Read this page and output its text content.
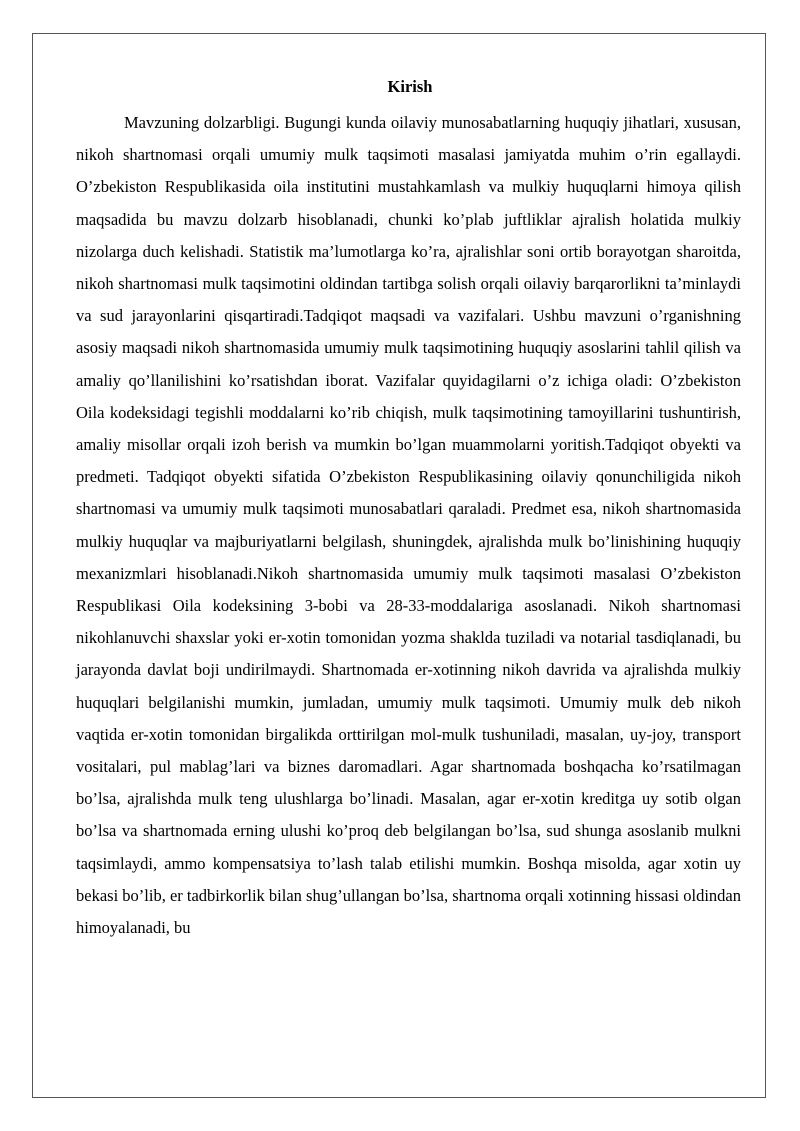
Kirish

Mavzuning dolzarbligi. Bugungi kunda oilaviy munosabatlarning huquqiy jihatlari, xususan, nikoh shartnomasi orqali umumiy mulk taqsimoti masalasi jamiyatda muhim o’rin egallaydi. O’zbekiston Respublikasida oila institutini mustahkamlash va mulkiy huquqlarni himoya qilish maqsadida bu mavzu dolzarb hisoblanadi, chunki ko’plab juftliklar ajralish holatida mulkiy nizolarga duch kelishadi. Statistik ma’lumotlarga ko’ra, ajralishlar soni ortib borayotgan sharoitda, nikoh shartnomasi mulk taqsimotini oldindan tartibga solish orqali oilaviy barqarorlikni ta’minlaydi va sud jarayonlarini qisqartiradi.Tadqiqot maqsadi va vazifalari. Ushbu mavzuni o’rganishning asosiy maqsadi nikoh shartnomasida umumiy mulk taqsimotining huquqiy asoslarini tahlil qilish va amaliy qo’llanilishini ko’rsatishdan iborat. Vazifalar quyidagilarni o’z ichiga oladi: O’zbekiston Oila kodeksidagi tegishli moddalarni ko’rib chiqish, mulk taqsimotining tamoyillarini tushuntirish, amaliy misollar orqali izoh berish va mumkin bo’lgan muammolarni yoritish.Tadqiqot obyekti va predmeti. Tadqiqot obyekti sifatida O’zbekiston Respublikasining oilaviy qonunchiligida nikoh shartnomasi va umumiy mulk taqsimoti munosabatlari qaraladi. Predmet esa, nikoh shartnomasida mulkiy huquqlar va majburiyatlarni belgilash, shuningdek, ajralishda mulk bo’linishining huquqiy mexanizmlari hisoblanadi.Nikoh shartnomasida umumiy mulk taqsimoti masalasi O’zbekiston Respublikasi Oila kodeksining 3-bobi va 28-33-moddalariga asoslanadi. Nikoh shartnomasi nikohlanuvchi shaxslar yoki er-xotin tomonidan yozma shaklda tuziladi va notarial tasdiqlanadi, bu jarayonda davlat boji undirilmaydi. Shartnomada er-xotinning nikoh davrida va ajralishda mulkiy huquqlari belgilanishi mumkin, jumladan, umumiy mulk taqsimoti. Umumiy mulk deb nikoh vaqtida er-xotin tomonidan birgalikda orttirilgan mol-mulk tushuniladi, masalan, uy-joy, transport vositalari, pul mablag’lari va biznes daromadlari. Agar shartnomada boshqacha ko’rsatilmagan bo’lsa, ajralishda mulk teng ulushlarga bo’linadi. Masalan, agar er-xotin kreditga uy sotib olgan bo’lsa va shartnomada erning ulushi ko’proq deb belgilangan bo’lsa, sud shunga asoslanib mulkni taqsimlaydi, ammo kompensatsiya to’lash talab etilishi mumkin. Boshqa misolda, agar xotin uy bekasi bo’lib, er tadbirkorlik bilan shug’ullangan bo’lsa, shartnoma orqali xotinning hissasi oldindan himoyalanadi, bu
